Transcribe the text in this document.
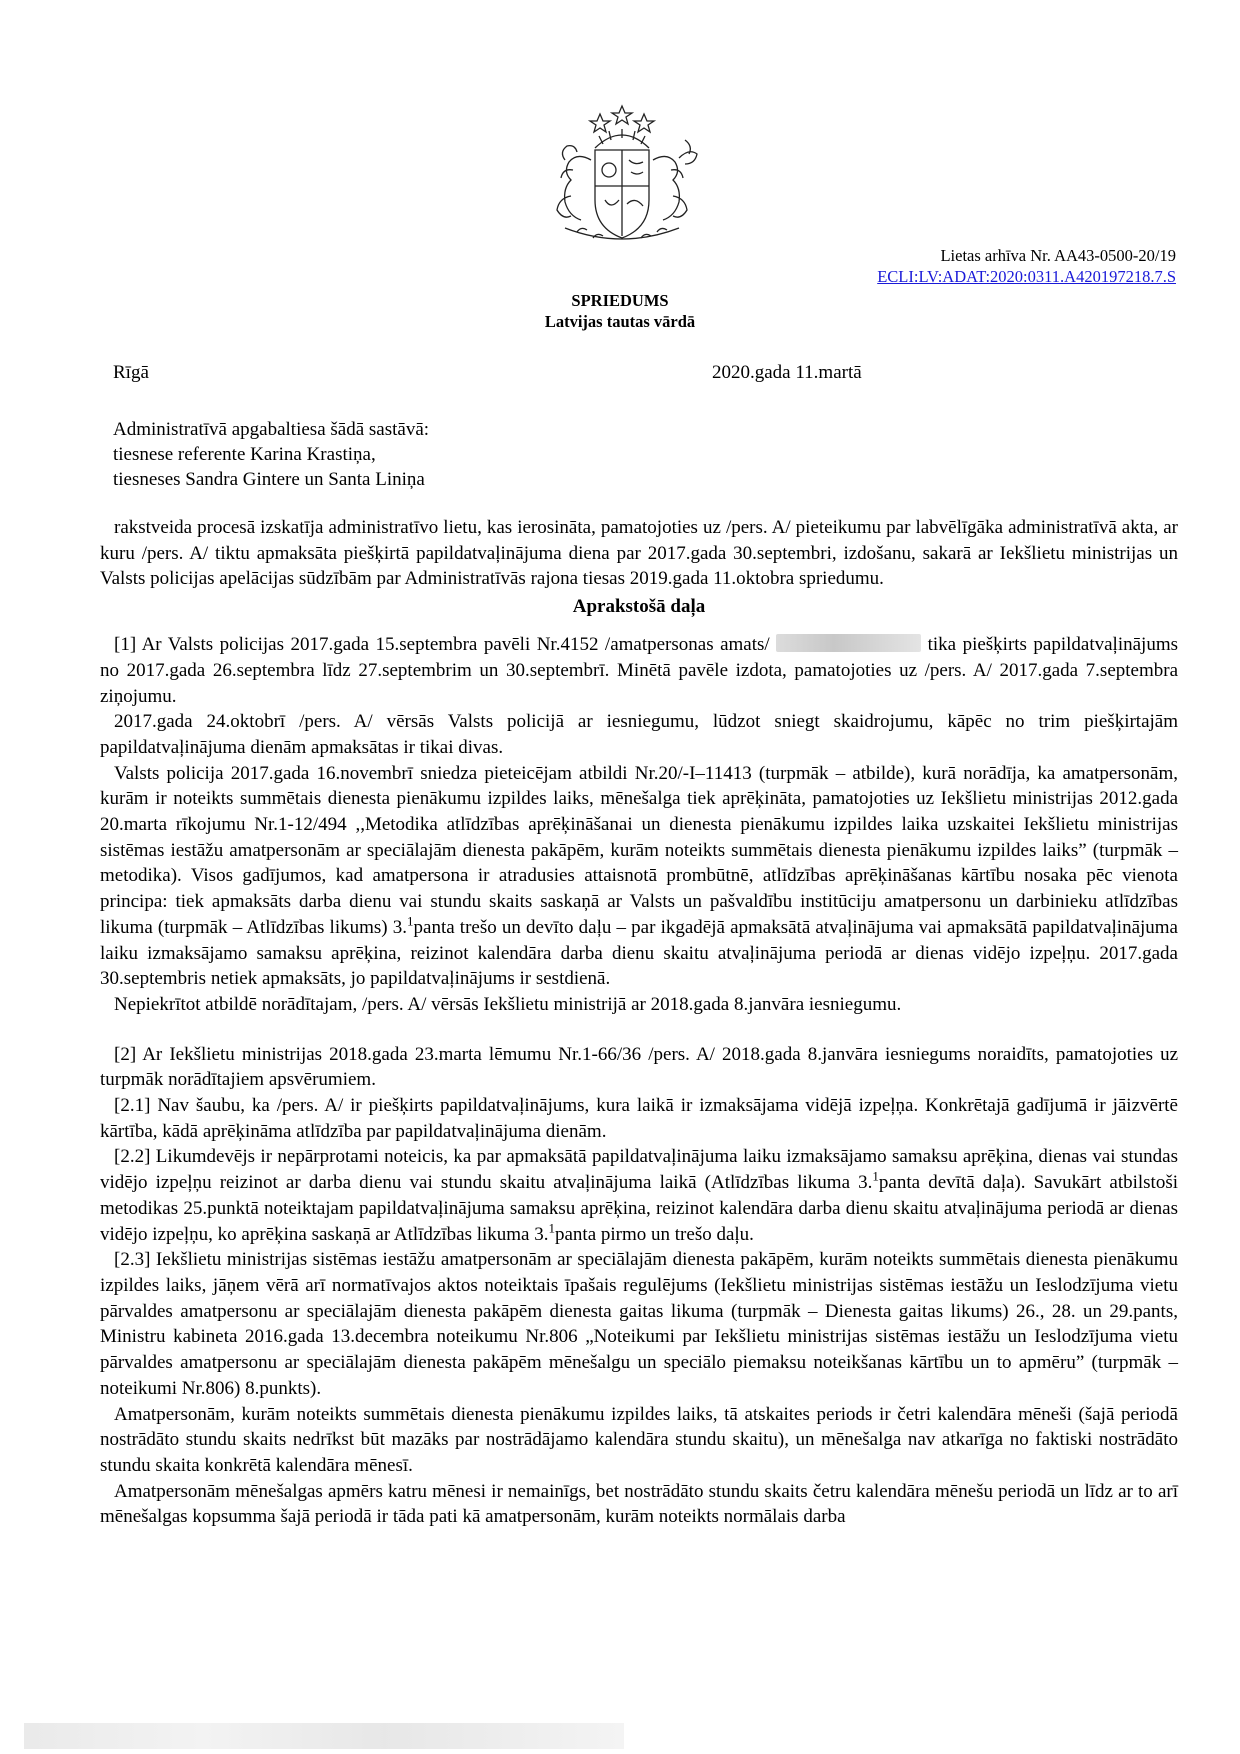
Lietas arhīva Nr. AA43-0500-20/19
ECLI:LV:ADAT:2020:0311.A420197218.7.S
SPRIEDUMS
Latvijas tautas vārdā
Rīgā	2020.gada 11.martā
Administratīvā apgabaltiesa šādā sastāvā:
tiesnese referente Karina Krastiņa,
tiesneses Sandra Gintere un Santa Liniņa

rakstveida procesā izskatīja administratīvo lietu, kas ierosināta, pamatojoties uz /pers. A/ pieteikumu par labvēlīgāka administratīvā akta, ar kuru /pers. A/ tiktu apmaksāta piešķirtā papildatvaļinājuma diena par 2017.gada 30.septembri, izdošanu, sakarā ar Iekšlietu ministrijas un Valsts policijas apelācijas sūdzībām par Administratīvās rajona tiesas 2019.gada 11.oktobra spriedumu.

Aprakstošā daļa

[1] Ar Valsts policijas 2017.gada 15.septembra pavēli Nr.4152 /amatpersonas amats/	tika piešķirts papildatvaļinājums no 2017.gada 26.septembra līdz 27.septembrim un 30.septembrī. Minētā pavēle izdota, pamatojoties uz /pers. A/ 2017.gada 7.septembra ziņojumu.

2017.gada 24.oktobrī /pers. A/ vērsās Valsts policijā ar iesniegumu, lūdzot sniegt skaidrojumu, kāpēc no trim piešķirtajām papildatvaļinājuma dienām apmaksātas ir tikai divas.

Valsts policija 2017.gada 16.novembrī sniedza pieteicējam atbildi Nr.20/-I–11413 (turpmāk – atbilde), kurā norādīja, ka amatpersonām, kurām ir noteikts summētais dienesta pienākumu izpildes laiks, mēnešalga tiek aprēķināta, pamatojoties uz Iekšlietu ministrijas 2012.gada 20.marta rīkojumu Nr.1-12/494 ,,Metodika atlīdzības aprēķināšanai un dienesta pienākumu izpildes laika uzskaitei Iekšlietu ministrijas sistēmas iestāžu amatpersonām ar speciālajām dienesta pakāpēm, kurām noteikts summētais dienesta pienākumu izpildes laiks” (turpmāk – metodika). Visos gadījumos, kad amatpersona ir atradusies attaisnotā prombūtnē, atlīdzības aprēķināšanas kārtību nosaka pēc vienota principa: tiek apmaksāts darba dienu vai stundu skaits saskaņā ar Valsts un pašvaldību institūciju amatpersonu un darbinieku atlīdzības likuma (turpmāk – Atlīdzības likums) 3.$^1$panta trešo un devīto daļu – par ikgadējā apmaksātā atvaļinājuma vai apmaksātā papildatvaļinājuma laiku izmaksājamo samaksu aprēķina, reizinot kalendāra darba dienu skaitu atvaļinājuma periodā ar dienas vidējo izpeļņu. 2017.gada 30.septembris netiek apmaksāts, jo papildatvaļinājums ir sestdienā.

Nepiekrītot atbildē norādītajam, /pers. A/ vērsās Iekšlietu ministrijā ar 2018.gada 8.janvāra iesniegumu.

[2] Ar Iekšlietu ministrijas 2018.gada 23.marta lēmumu Nr.1-66/36 /pers. A/ 2018.gada 8.janvāra iesniegums noraidīts, pamatojoties uz turpmāk norādītajiem apsvērumiem.

[2.1] Nav šaubu, ka /pers. A/ ir piešķirts papildatvaļinājums, kura laikā ir izmaksājama vidējā izpeļņa. Konkrētajā gadījumā ir jāizvērtē kārtība, kādā aprēķināma atlīdzība par papildatvaļinājuma dienām.

[2.2] Likumdevējs ir nepārprotami noteicis, ka par apmaksātā papildatvaļinājuma laiku izmaksājamo samaksu aprēķina, dienas vai stundas vidējo izpeļņu reizinot ar darba dienu vai stundu skaitu atvaļinājuma laikā (Atlīdzības likuma 3.$^1$panta devītā daļa). Savukārt atbilstoši metodikas 25.punktā noteiktajam papildatvaļinājuma samaksu aprēķina, reizinot kalendāra darba dienu skaitu atvaļinājuma periodā ar dienas vidējo izpeļņu, ko aprēķina saskaņā ar Atlīdzības likuma 3.$^1$panta pirmo un trešo daļu.

[2.3] Iekšlietu ministrijas sistēmas iestāžu amatpersonām ar speciālajām dienesta pakāpēm, kurām noteikts summētais dienesta pienākumu izpildes laiks, jāņem vērā arī normatīvajos aktos noteiktais īpašais regulējums (Iekšlietu ministrijas sistēmas iestāžu un Ieslodzījuma vietu pārvaldes amatpersonu ar speciālajām dienesta pakāpēm dienesta gaitas likuma (turpmāk – Dienesta gaitas likums) 26., 28. un 29.pants, Ministru kabineta 2016.gada 13.decembra noteikumu Nr.806 „Noteikumi par Iekšlietu ministrijas sistēmas iestāžu un Ieslodzījuma vietu pārvaldes amatpersonu ar speciālajām dienesta pakāpēm mēnešalgu un speciālo piemaksu noteikšanas kārtību un to apmēru” (turpmāk – noteikumi Nr.806) 8.punkts).

Amatpersonām, kurām noteikts summētais dienesta pienākumu izpildes laiks, tā atskaites periods ir četri kalendāra mēneši (šajā periodā nostrādāto stundu skaits nedrīkst būt mazāks par nostrādājamo kalendāra stundu skaitu), un mēnešalga nav atkarīga no faktiski nostrādāto stundu skaita konkrētā kalendāra mēnesī.

Amatpersonām mēnešalgas apmērs katru mēnesi ir nemainīgs, bet nostrādāto stundu skaits četru kalendāra mēnešu periodā un līdz ar to arī mēnešalgas kopsumma šajā periodā ir tāda pati kā amatpersonām, kurām noteikts normālais darba
